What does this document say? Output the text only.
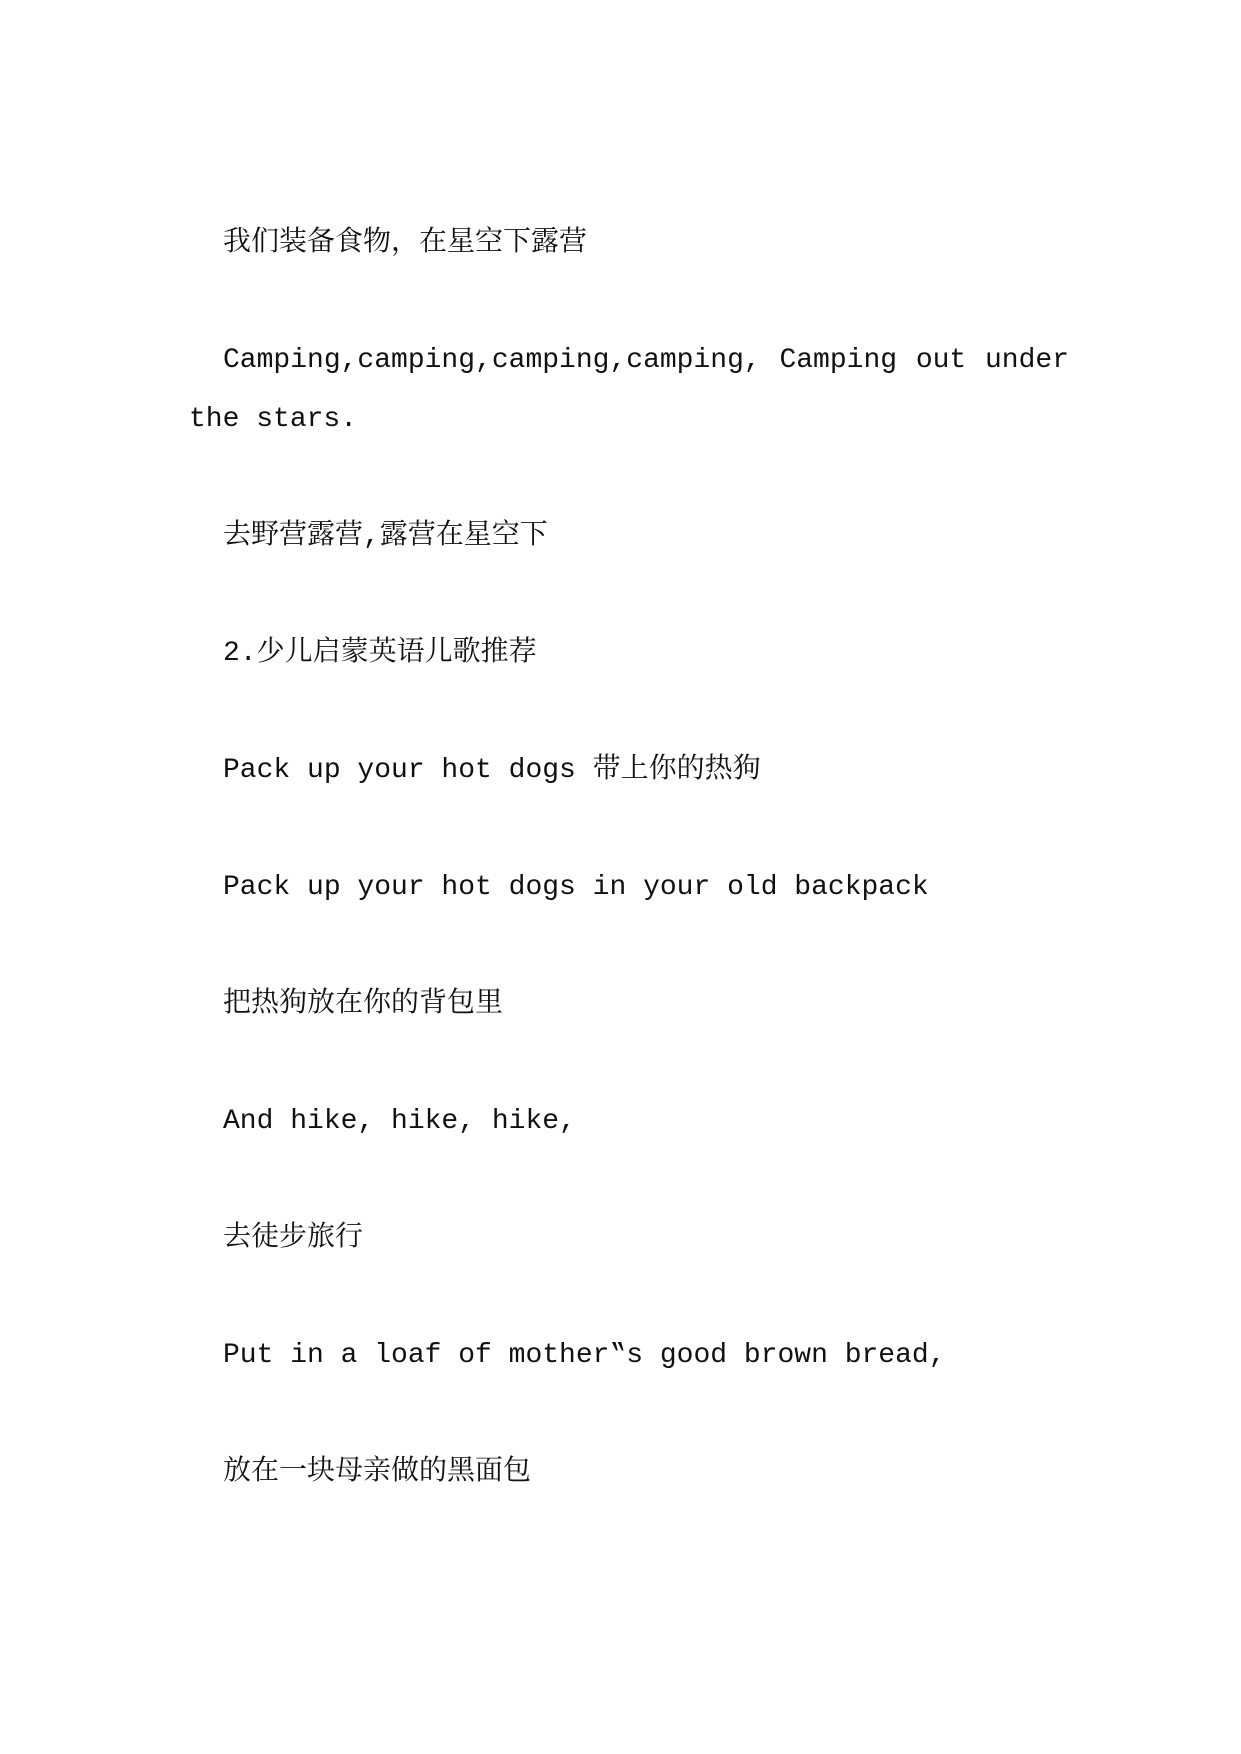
我们装备食物，在星空下露营

Camping,camping,camping,camping, Camping out under the stars.

去野营露营,露营在星空下

2.少儿启蒙英语儿歌推荐

Pack up your hot dogs 带上你的热狗

Pack up your hot dogs in your old backpack

把热狗放在你的背包里

And hike, hike, hike,

去徒步旅行

Put in a loaf of mother‟s good brown bread,

放在一块母亲做的黑面包
